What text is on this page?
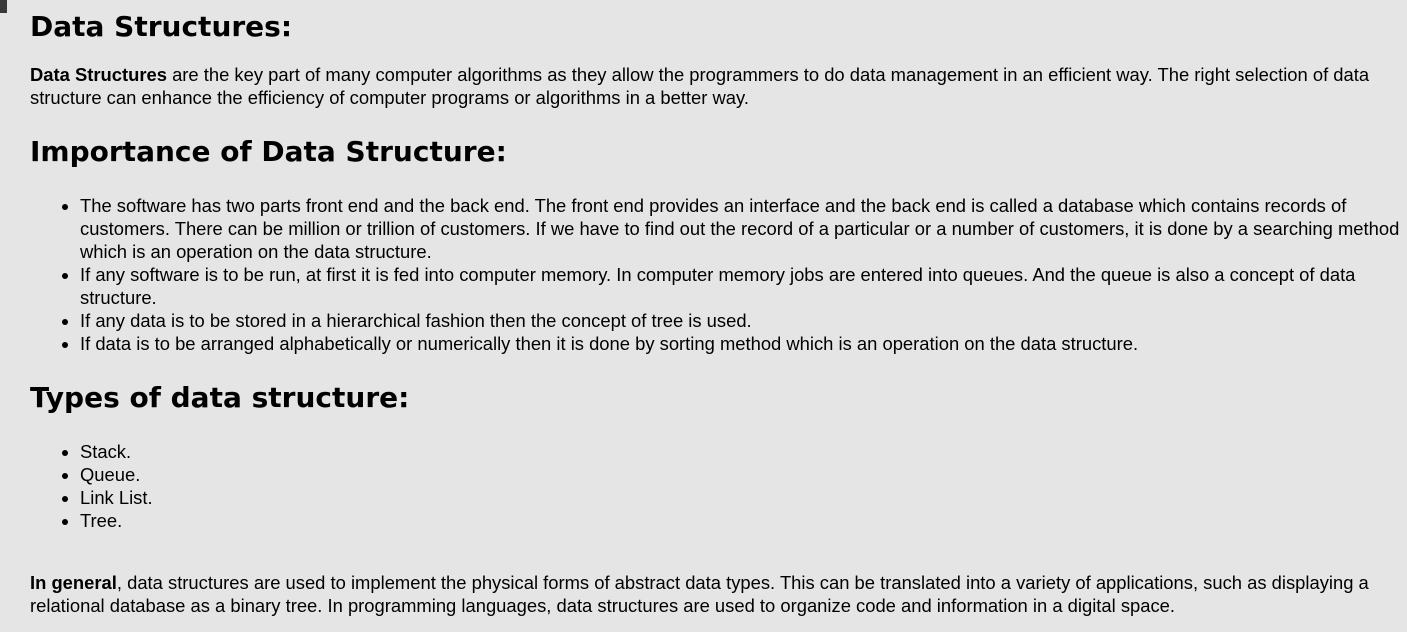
Data Structures:

Data Structures are the key part of many computer algorithms as they allow the programmers to do data management in an efficient way. The right selection of data structure can enhance the efficiency of computer programs or algorithms in a better way.

Importance of Data Structure:
• The software has two parts front end and the back end. The front end provides an interface and the back end is called a database which contains records of customers. There can be million or trillion of customers. If we have to find out the record of a particular or a number of customers, it is done by a searching method which is an operation on the data structure.
• If any software is to be run, at first it is fed into computer memory. In computer memory jobs are entered into queues. And the queue is also a concept of data structure.
• If any data is to be stored in a hierarchical fashion then the concept of tree is used.
• If data is to be arranged alphabetically or numerically then it is done by sorting method which is an operation on the data structure.
Types of data structure:
• Stack.
• Queue.
• Link List.
• Tree.

In general, data structures are used to implement the physical forms of abstract data types. This can be translated into a variety of applications, such as displaying a relational database as a binary tree. In programming languages, data structures are used to organize code and information in a digital space.
